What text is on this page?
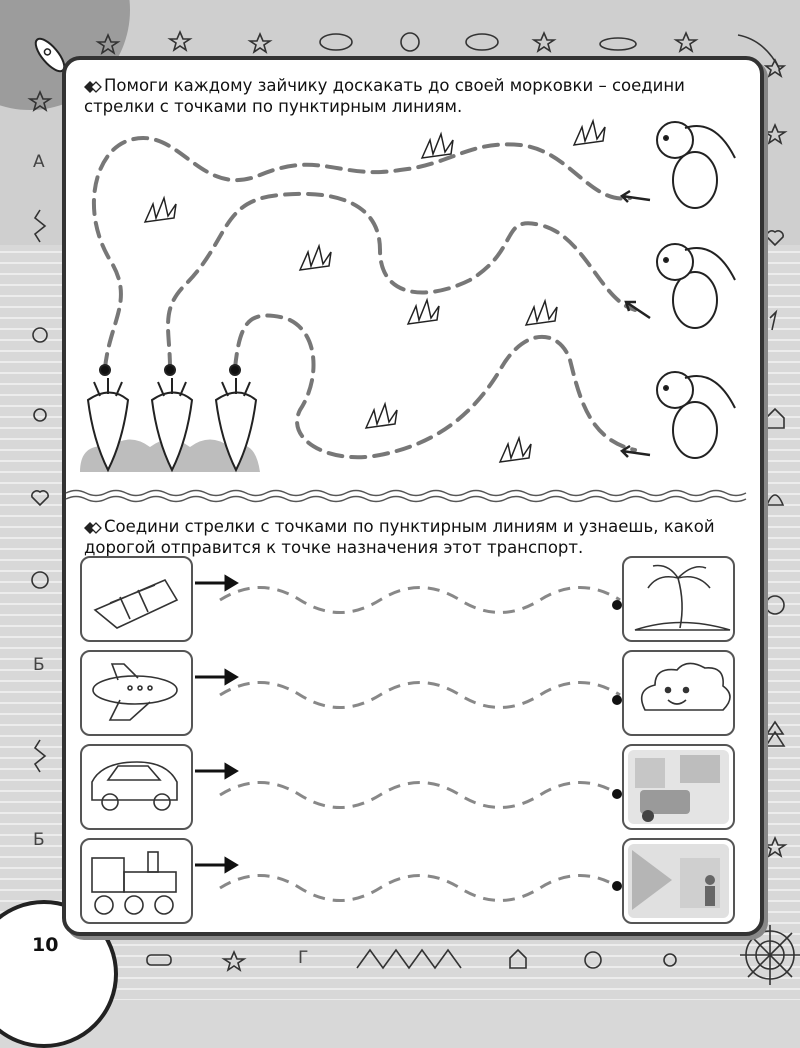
A
Б
Б
Г
10
Помоги каждому зайчику доскакать до своей морковки – соедини стрелки с точками по пунктирным линиям.
Соедини стрелки с точками по пунктирным линиям и узнаешь, какой дорогой отправится к точке назначения этот транспорт.
